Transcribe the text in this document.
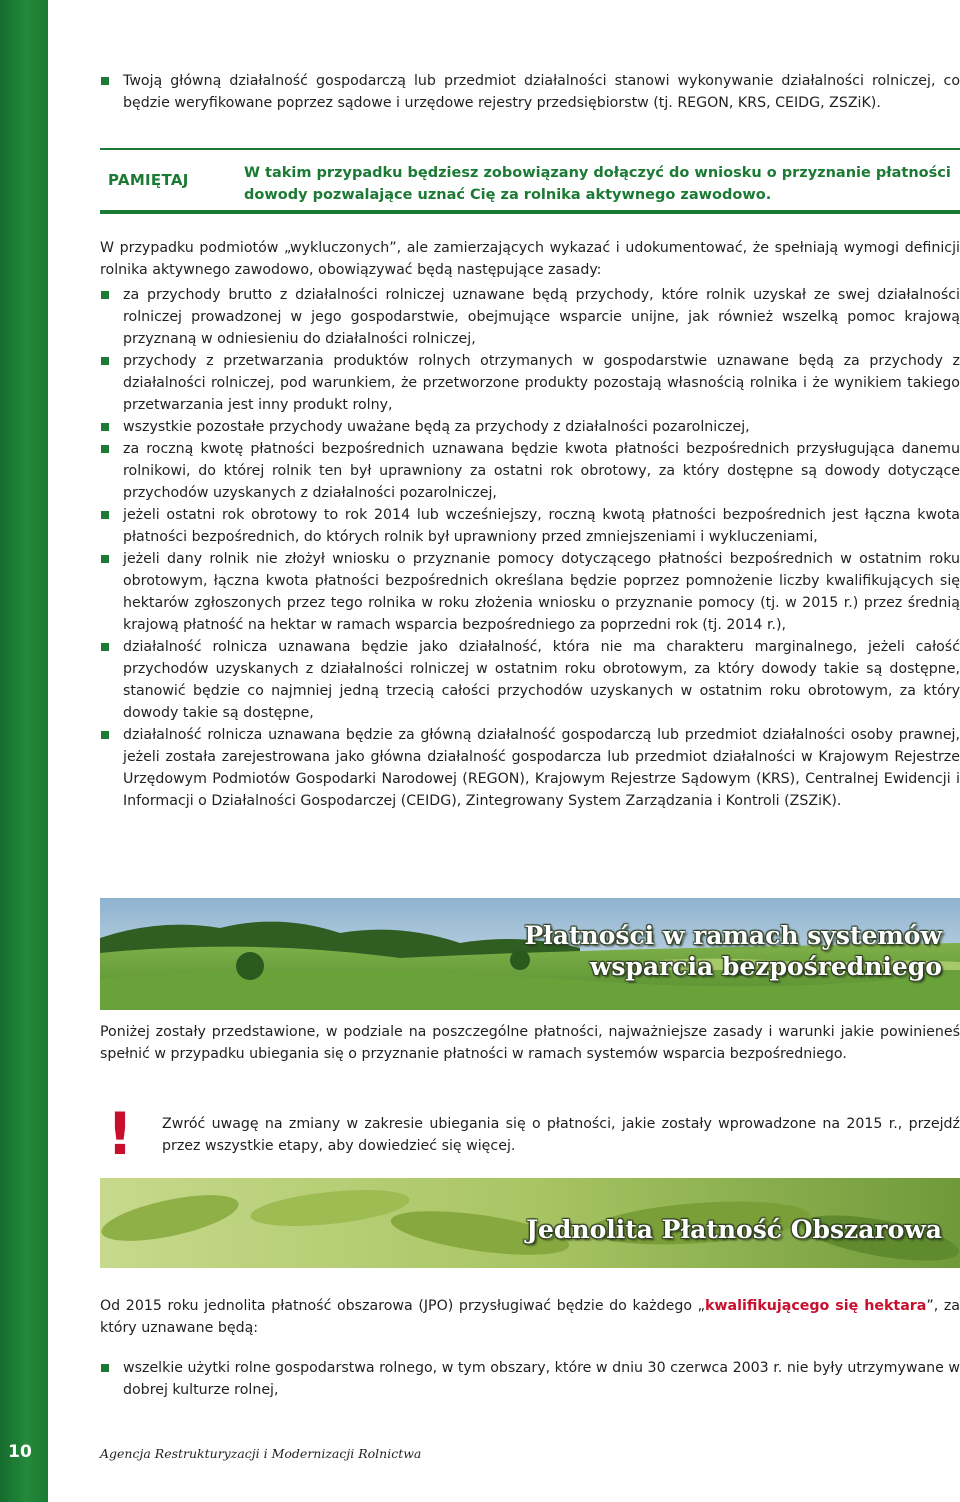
Twoją główną działalność gospodarczą lub przedmiot działalności stanowi wykonywanie działalności rolniczej, co będzie weryfikowane poprzez sądowe i urzędowe rejestry przedsiębiorstw (tj. REGON, KRS, CEIDG, ZSZiK).
PAMIĘTAJ	W takim przypadku będziesz zobowiązany dołączyć do wniosku o przyznanie płatności dowody pozwalające uznać Cię za rolnika aktywnego zawodowo.
W przypadku podmiotów „wykluczonych”, ale zamierzających wykazać i udokumentować, że spełniają wymogi definicji rolnika aktywnego zawodowo, obowiązywać będą następujące zasady:
za przychody brutto z działalności rolniczej uznawane będą przychody, które rolnik uzyskał ze swej działalności rolniczej prowadzonej w jego gospodarstwie, obejmujące wsparcie unijne, jak również wszelką pomoc krajową przyznaną w odniesieniu do działalności rolniczej,
przychody z przetwarzania produktów rolnych otrzymanych w gospodarstwie uznawane będą za przychody z działalności rolniczej, pod warunkiem, że przetworzone produkty pozostają własnością rolnika i że wynikiem takiego przetwarzania jest inny produkt rolny,
wszystkie pozostałe przychody uważane będą za przychody z działalności pozarolniczej,
za roczną kwotę płatności bezpośrednich uznawana będzie kwota płatności bezpośrednich przysługująca danemu rolnikowi, do której rolnik ten był uprawniony za ostatni rok obrotowy, za który dostępne są dowody dotyczące przychodów uzyskanych z działalności pozarolniczej,
jeżeli ostatni rok obrotowy to rok 2014 lub wcześniejszy, roczną kwotą płatności bezpośrednich jest łączna kwota płatności bezpośrednich, do których rolnik był uprawniony przed zmniejszeniami i wykluczeniami,
jeżeli dany rolnik nie złożył wniosku o przyznanie pomocy dotyczącego płatności bezpośrednich w ostatnim roku obrotowym, łączna kwota płatności bezpośrednich określana będzie poprzez pomnożenie liczby kwalifikujących się hektarów zgłoszonych przez tego rolnika w roku złożenia wniosku o przyznanie pomocy (tj. w 2015 r.) przez średnią krajową płatność na hektar w ramach wsparcia bezpośredniego za poprzedni rok (tj. 2014 r.),
działalność rolnicza uznawana będzie jako działalność, która nie ma charakteru marginalnego, jeżeli całość przychodów uzyskanych z działalności rolniczej w ostatnim roku obrotowym, za który dowody takie są dostępne, stanowić będzie co najmniej jedną trzecią całości przychodów uzyskanych w ostatnim roku obrotowym, za który dowody takie są dostępne,
działalność rolnicza uznawana będzie za główną działalność gospodarczą lub przedmiot działalności osoby prawnej, jeżeli została zarejestrowana jako główna działalność gospodarcza lub przedmiot działalności w Krajowym Rejestrze Urzędowym Podmiotów Gospodarki Narodowej (REGON), Krajowym Rejestrze Sądowym (KRS), Centralnej Ewidencji i Informacji o Działalności Gospodarczej (CEIDG), Zintegrowany System Zarządzania i Kontroli (ZSZiK).
Płatności w ramach systemów
wsparcia bezpośredniego
Poniżej zostały przedstawione, w podziale na poszczególne płatności, najważniejsze zasady i warunki jakie powinieneś spełnić w przypadku ubiegania się o przyznanie płatności w ramach systemów wsparcia bezpośredniego.
!	Zwróć uwagę na zmiany w zakresie ubiegania się o płatności, jakie zostały wprowadzone na 2015 r., przejdź przez wszystkie etapy, aby dowiedzieć się więcej.
Jednolita Płatność Obszarowa
Od 2015 roku jednolita płatność obszarowa (JPO) przysługiwać będzie do każdego „kwalifikującego się hektara”, za który uznawane będą:
wszelkie użytki rolne gospodarstwa rolnego, w tym obszary, które w dniu 30 czerwca 2003 r. nie były utrzymywane w dobrej kulturze rolnej,
10	Agencja Restrukturyzacji i Modernizacji Rolnictwa
